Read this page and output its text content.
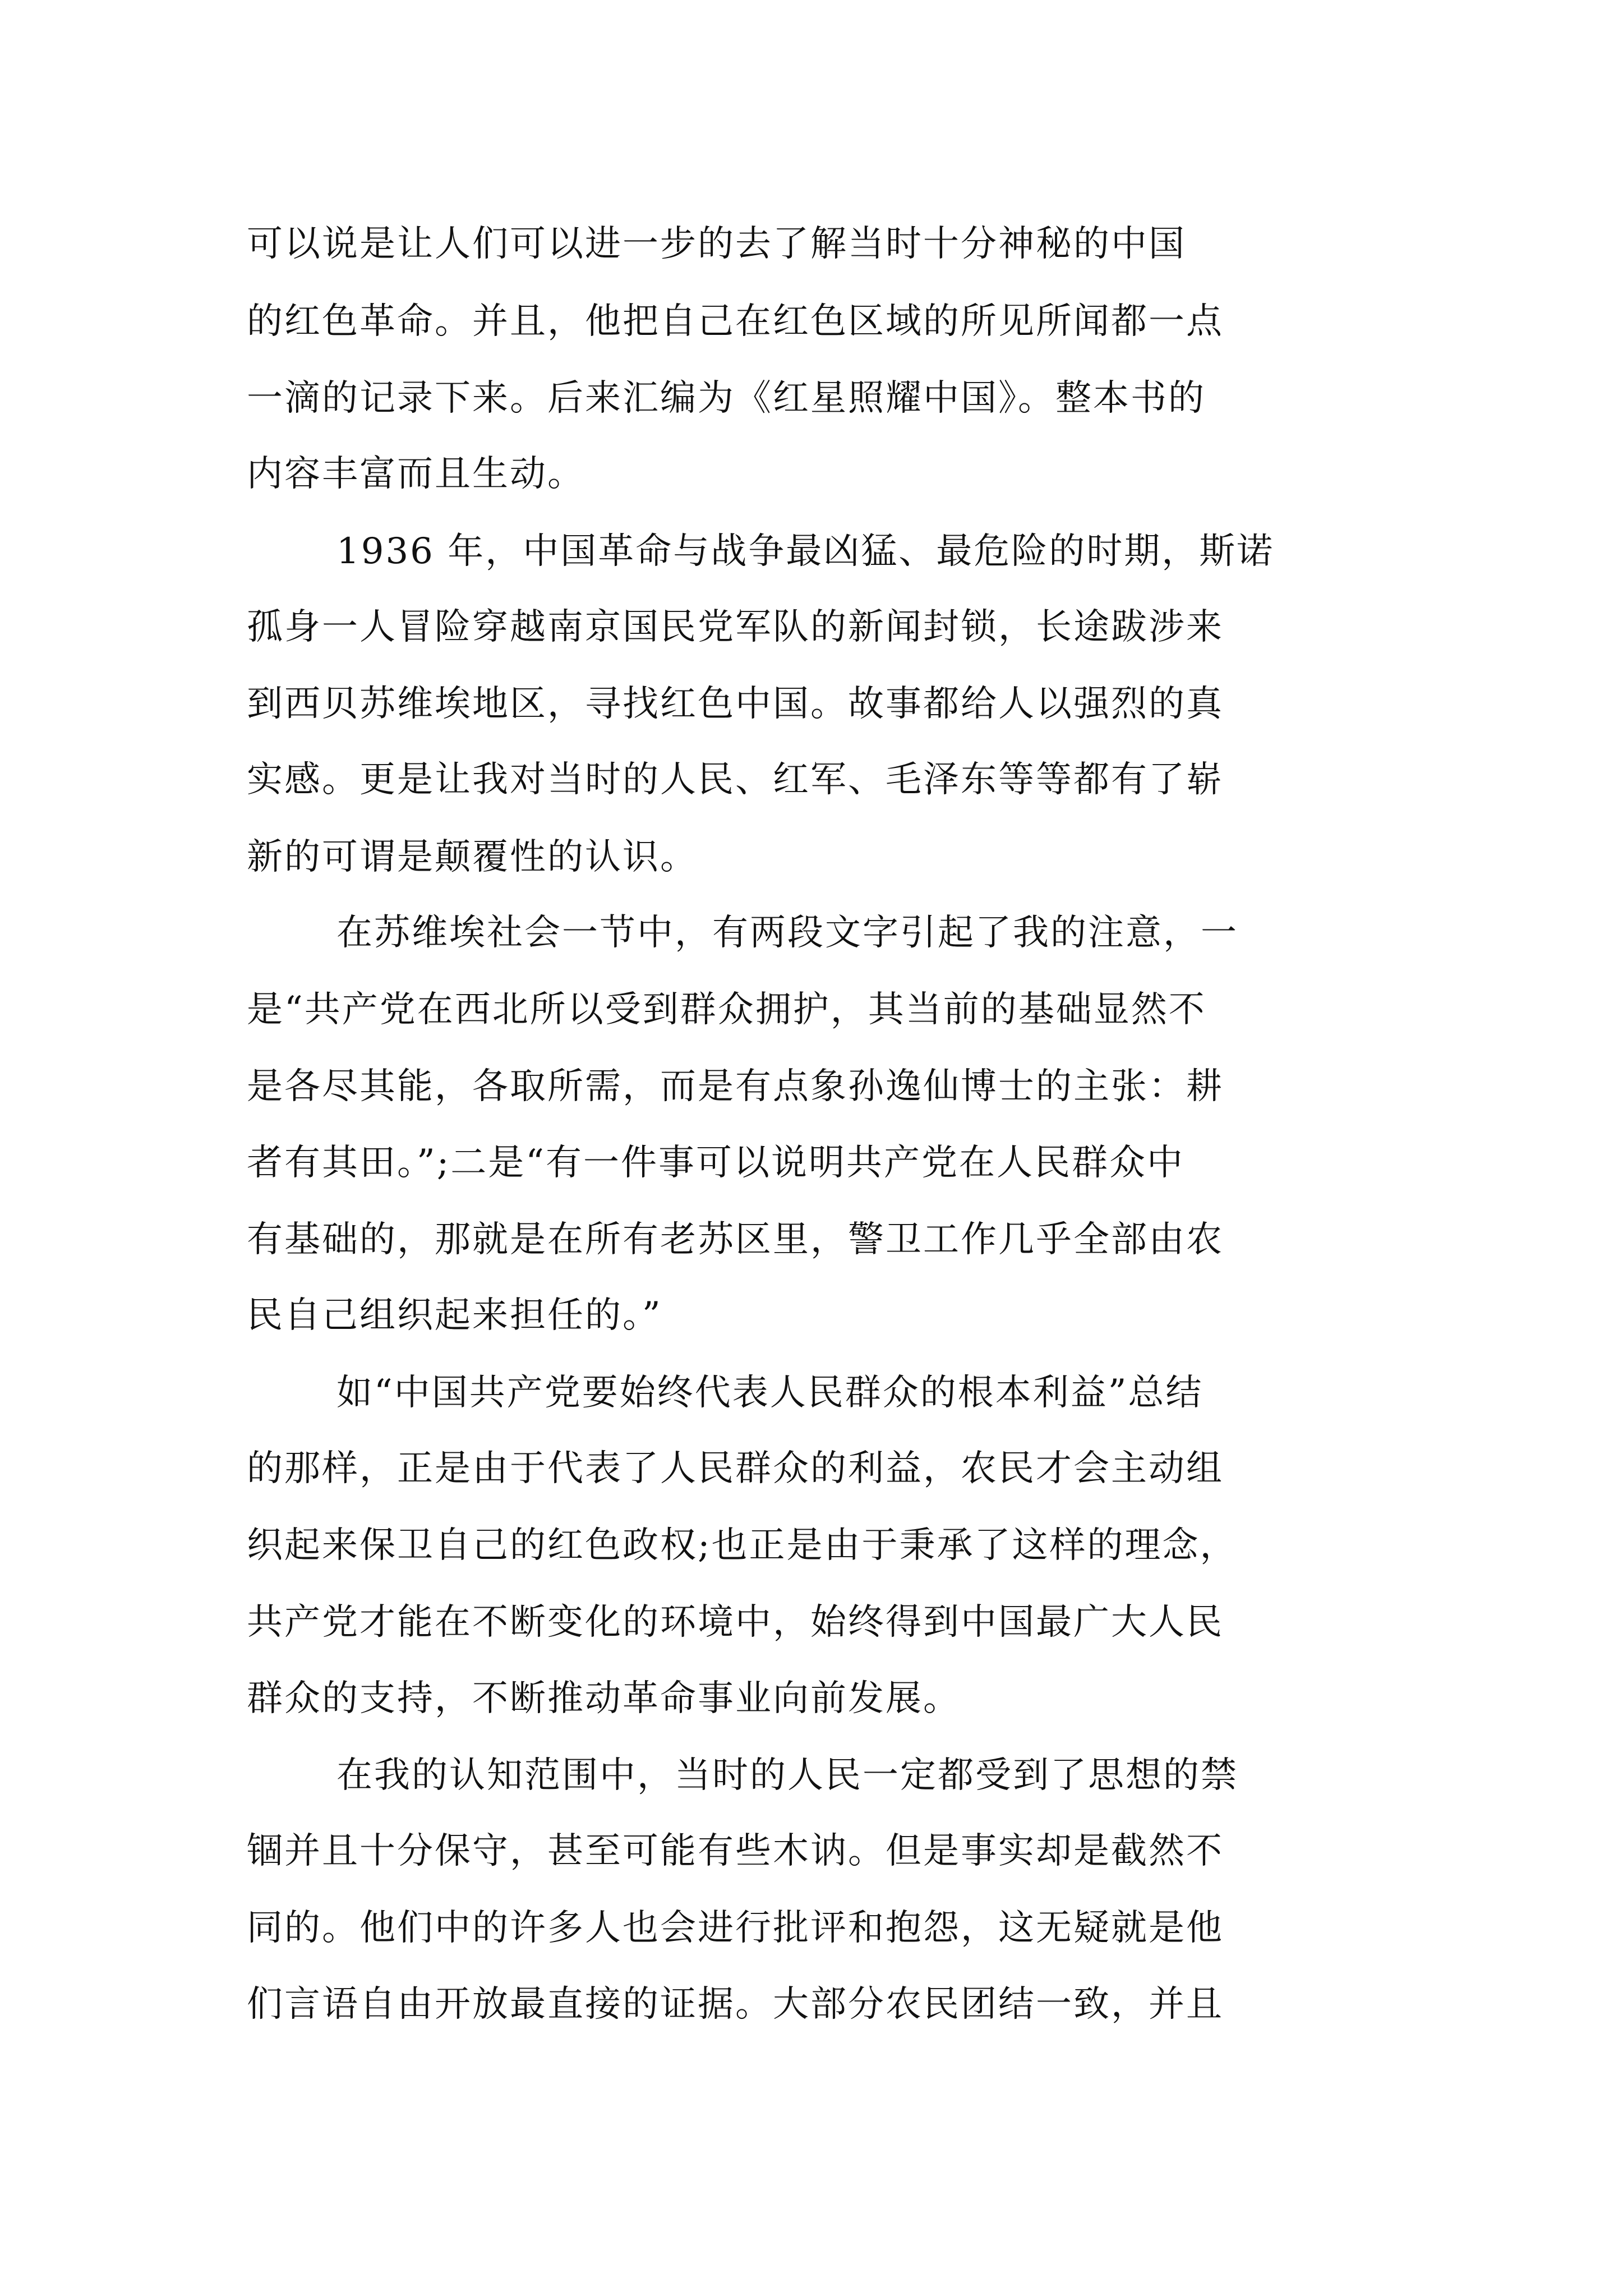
可以说是让人们可以进一步的去了解当时十分神秘的中国
的红色革命。并且，他把自己在红色区域的所见所闻都一点
一滴的记录下来。后来汇编为《红星照耀中国》。整本书的
内容丰富而且生动。
1936 年，中国革命与战争最凶猛、最危险的时期，斯诺
孤身一人冒险穿越南京国民党军队的新闻封锁，长途跋涉来
到西贝苏维埃地区，寻找红色中国。故事都给人以强烈的真
实感。更是让我对当时的人民、红军、毛泽东等等都有了崭
新的可谓是颠覆性的认识。
在苏维埃社会一节中，有两段文字引起了我的注意，一
是“共产党在西北所以受到群众拥护，其当前的基础显然不
是各尽其能，各取所需，而是有点象孙逸仙博士的主张：耕
者有其田。”;二是“有一件事可以说明共产党在人民群众中
有基础的，那就是在所有老苏区里，警卫工作几乎全部由农
民自己组织起来担任的。”
如“中国共产党要始终代表人民群众的根本利益”总结
的那样，正是由于代表了人民群众的利益，农民才会主动组
织起来保卫自己的红色政权;也正是由于秉承了这样的理念，
共产党才能在不断变化的环境中，始终得到中国最广大人民
群众的支持，不断推动革命事业向前发展。
在我的认知范围中，当时的人民一定都受到了思想的禁
锢并且十分保守，甚至可能有些木讷。但是事实却是截然不
同的。他们中的许多人也会进行批评和抱怨，这无疑就是他
们言语自由开放最直接的证据。大部分农民团结一致，并且
